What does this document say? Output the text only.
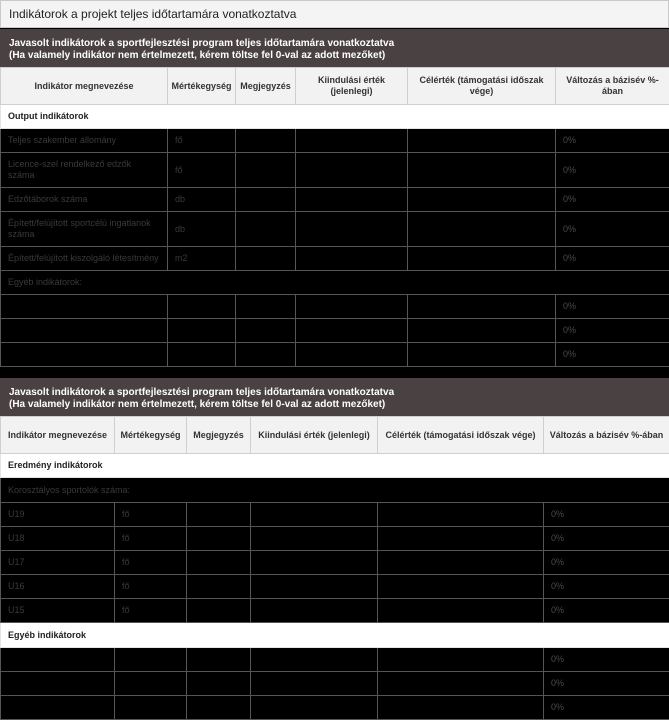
Indikátorok a projekt teljes időtartamára vonatkoztatva
Javasolt indikátorok a sportfejlesztési program teljes időtartamára vonatkoztatva
(Ha valamely indikátor nem értelmezett, kérem töltse fel 0-val az adott mezőket)
Indikátor megnevezése	Mértékegység	Megjegyzés	Kiindulási érték (jelenlegi)	Célérték (támogatási időszak vége)	Változás a bázisév %-ában
Output indikátorok					
Teljes szakember állomány	fő				0%
Licence-szel rendelkező edzők száma	fő				0%
Edzőtáborok száma	db				0%
Épített/felújított sportcélú ingatlanok száma	db				0%
Épített/felújított kiszolgáló létesítmény	m2				0%
Egyéb indikátorok:					
					0%
					0%
					0%
Javasolt indikátorok a sportfejlesztési program teljes időtartamára vonatkoztatva
(Ha valamely indikátor nem értelmezett, kérem töltse fel 0-val az adott mezőket)
Indikátor megnevezése	Mértékegység	Megjegyzés	Kiindulási érték (jelenlegi)	Célérték (támogatási időszak vége)	Változás a bázisév %-ában
Eredmény indikátorok					
Korosztályos sportolók száma:					
U19	fő				0%
U18	fő				0%
U17	fő				0%
U16	fő				0%
U15	fő				0%
Egyéb indikátorok					
					0%
					0%
					0%
